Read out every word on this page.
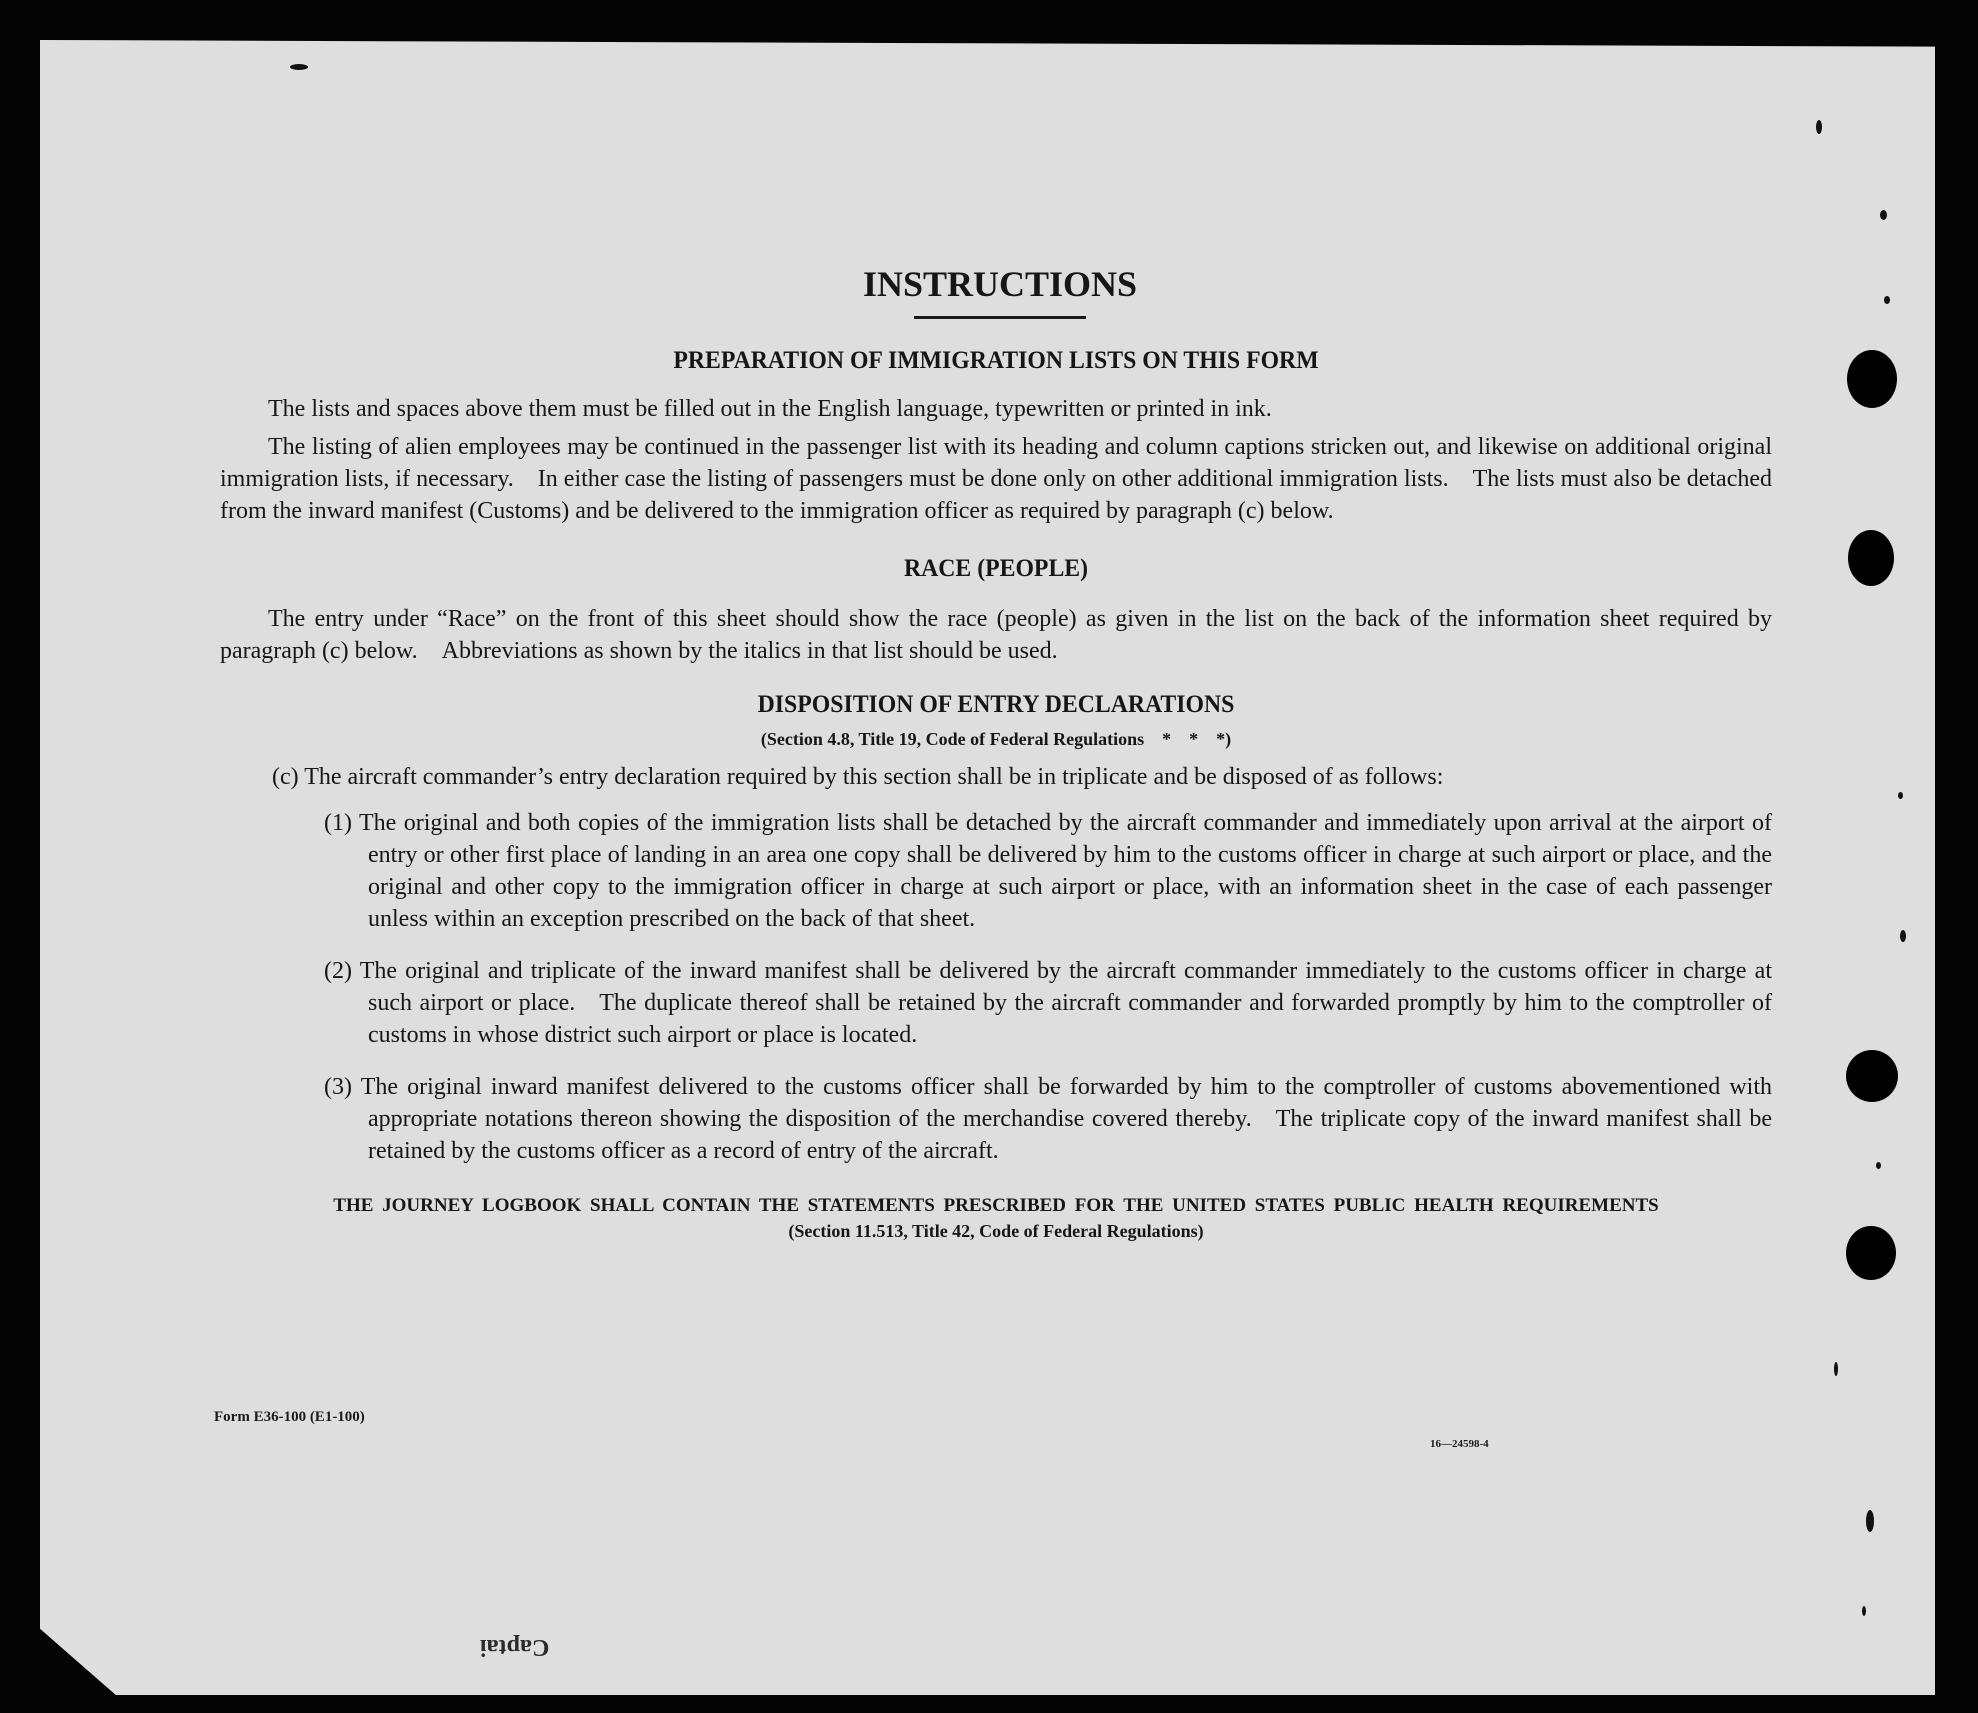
INSTRUCTIONS
PREPARATION OF IMMIGRATION LISTS ON THIS FORM

The lists and spaces above them must be filled out in the English language, typewritten or printed in ink.

The listing of alien employees may be continued in the passenger list with its heading and column captions stricken out, and likewise on additional original immigration lists, if necessary. In either case the listing of passengers must be done only on other additional immigration lists. The lists must also be detached from the inward manifest (Customs) and be delivered to the immigration officer as required by paragraph (c) below.

RACE (PEOPLE)

The entry under “Race” on the front of this sheet should show the race (people) as given in the list on the back of the information sheet required by paragraph (c) below. Abbreviations as shown by the italics in that list should be used.

DISPOSITION OF ENTRY DECLARATIONS
(Section 4.8, Title 19, Code of Federal Regulations * * *)

(c) The aircraft commander’s entry declaration required by this section shall be in triplicate and be disposed of as follows:

(1) The original and both copies of the immigration lists shall be detached by the aircraft commander and immediately upon arrival at the airport of entry or other first place of landing in an area one copy shall be delivered by him to the customs officer in charge at such airport or place, and the original and other copy to the immigration officer in charge at such airport or place, with an information sheet in the case of each passenger unless within an exception prescribed on the back of that sheet.

(2) The original and triplicate of the inward manifest shall be delivered by the aircraft commander immediately to the customs officer in charge at such airport or place. The duplicate thereof shall be retained by the aircraft commander and forwarded promptly by him to the comptroller of customs in whose district such airport or place is located.

(3) The original inward manifest delivered to the customs officer shall be forwarded by him to the comptroller of customs abovementioned with appropriate notations thereon showing the disposition of the merchandise covered thereby. The triplicate copy of the inward manifest shall be retained by the customs officer as a record of entry of the aircraft.

THE JOURNEY LOGBOOK SHALL CONTAIN THE STATEMENTS PRESCRIBED FOR THE UNITED STATES PUBLIC HEALTH REQUIREMENTS
(Section 11.513, Title 42, Code of Federal Regulations)
Form E36-100 (E1-100)
16—24598-4
Captai
